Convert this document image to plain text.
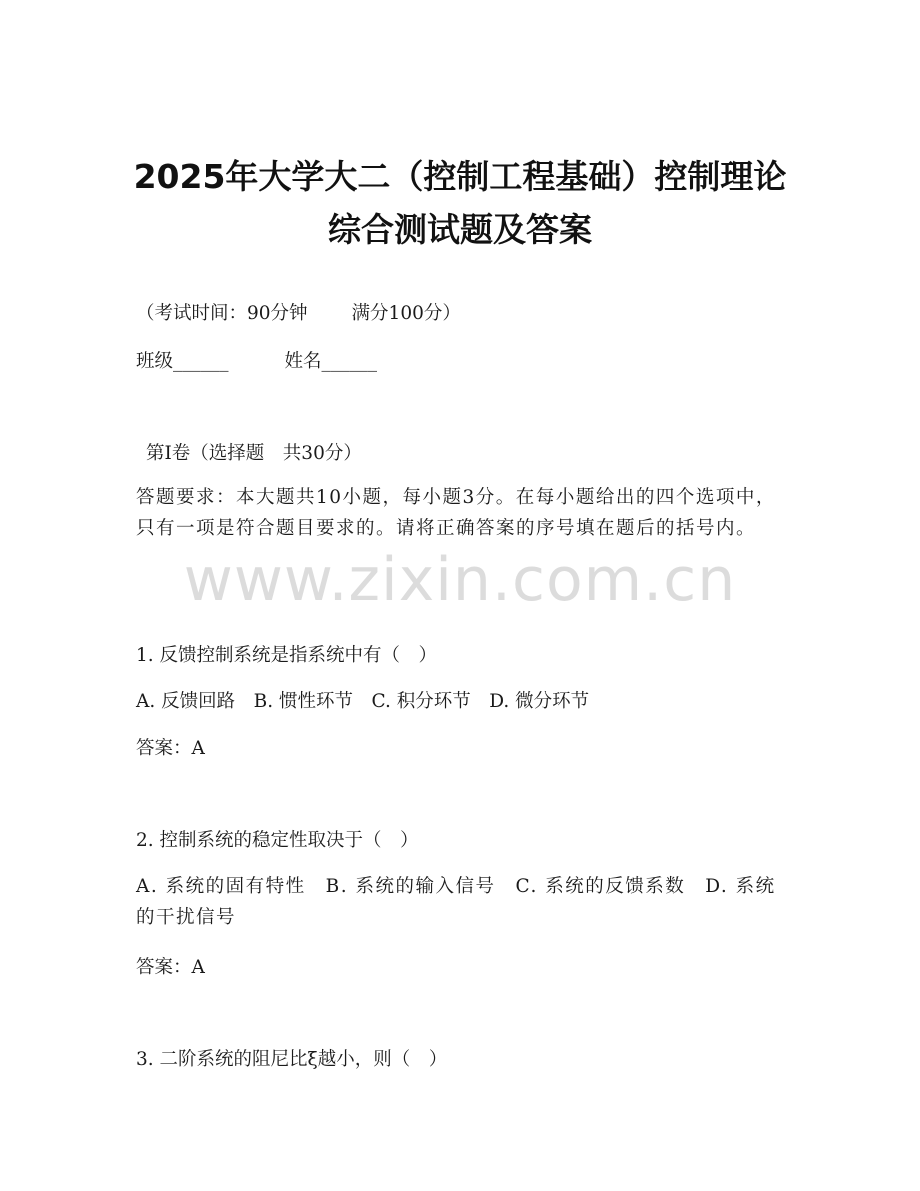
2025年大学大二（控制工程基础）控制理论
综合测试题及答案
（考试时间：90分钟 满分100分）
班级______	姓名______
第Ⅰ卷（选择题　共30分）
答题要求：本大题共10小题，每小题3分。在每小题给出的四个选项中，只有一项是符合题目要求的。请将正确答案的序号填在题后的括号内。
www.zixin.com.cn
1. 反馈控制系统是指系统中有（　）
A. 反馈回路　B. 惯性环节　C. 积分环节　D. 微分环节
答案：A
2. 控制系统的稳定性取决于（　）
A. 系统的固有特性　B. 系统的输入信号　C. 系统的反馈系数　D. 系统的干扰信号
答案：A
3. 二阶系统的阻尼比ξ越小，则（　）
